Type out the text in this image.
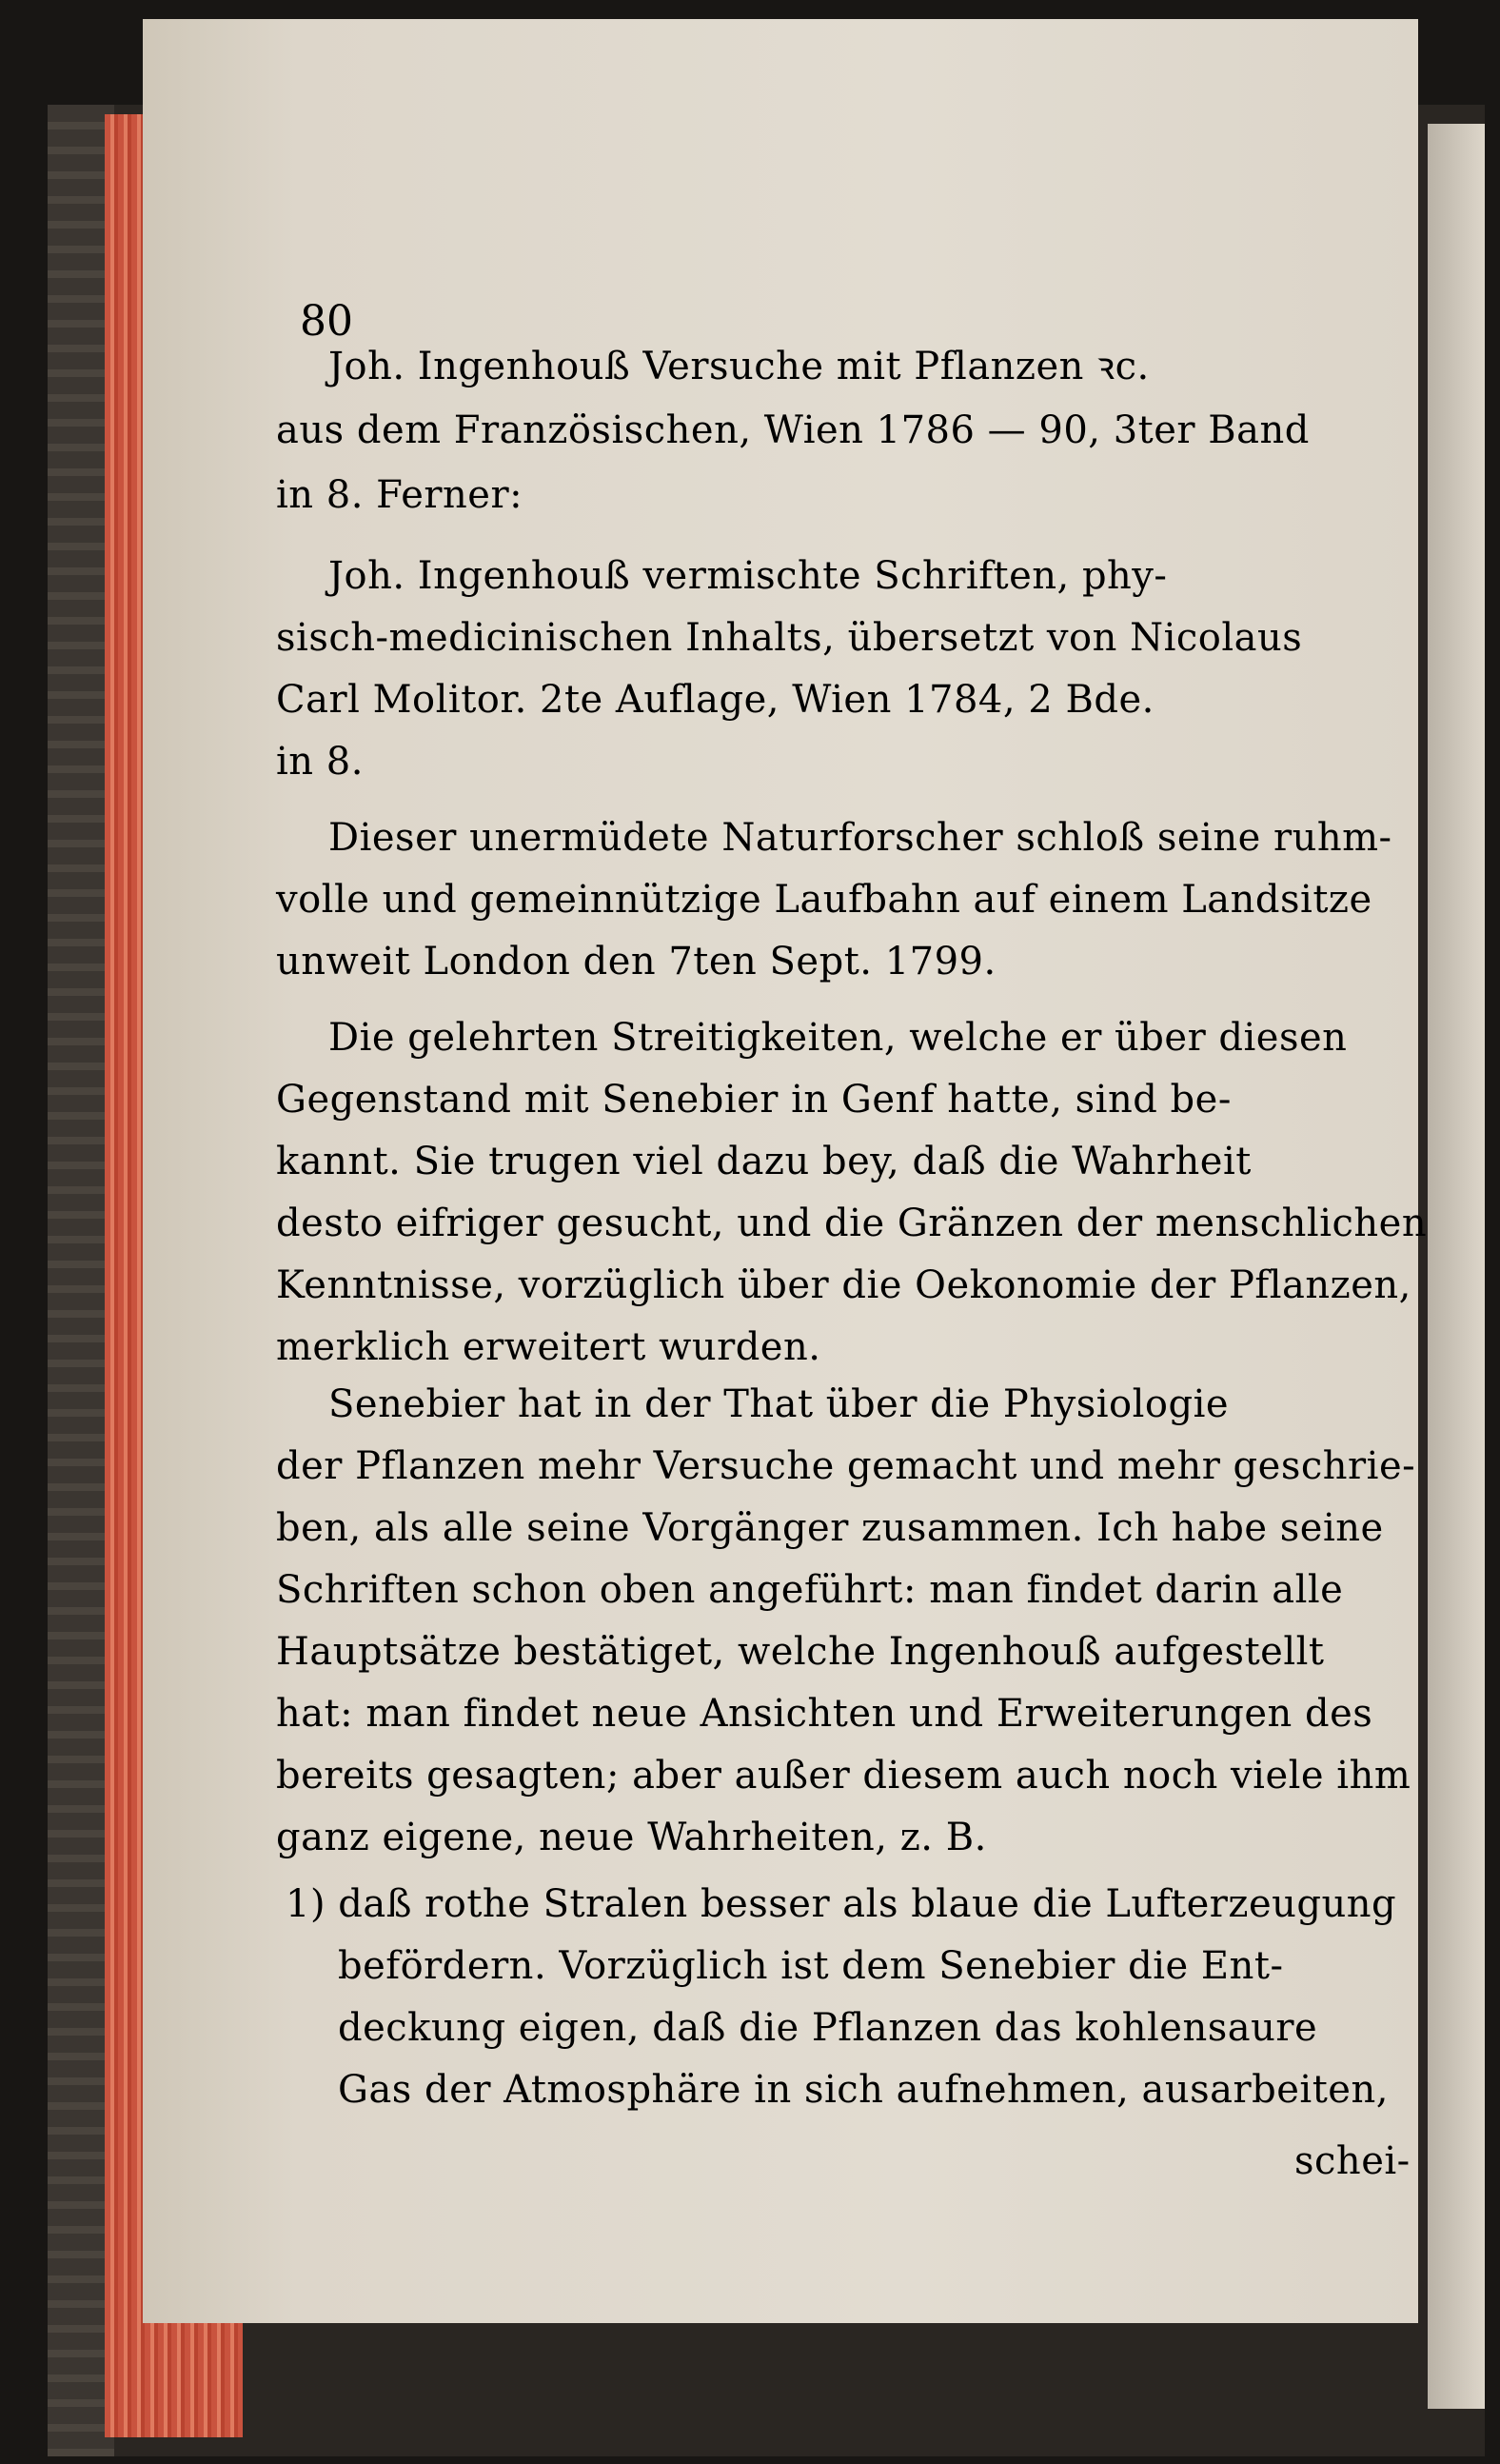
80
Joh. Ingenhouß Versuche mit Pflanzen ꝛc.
aus dem Französischen, Wien 1786 — 90, 3ter Band
in 8. Ferner:
Joh. Ingenhouß vermischte Schriften, phy-
sisch-medicinischen Inhalts, übersetzt von Nicolaus
Carl Molitor. 2te Auflage, Wien 1784, 2 Bde.
in 8.
Dieser unermüdete Naturforscher schloß seine ruhm-
volle und gemeinnützige Laufbahn auf einem Landsitze
unweit London den 7ten Sept. 1799.
Die gelehrten Streitigkeiten, welche er über diesen
Gegenstand mit Senebier in Genf hatte, sind be-
kannt. Sie trugen viel dazu bey, daß die Wahrheit
desto eifriger gesucht, und die Gränzen der menschlichen
Kenntnisse, vorzüglich über die Oekonomie der Pflanzen,
merklich erweitert wurden.
Senebier hat in der That über die Physiologie
der Pflanzen mehr Versuche gemacht und mehr geschrie-
ben, als alle seine Vorgänger zusammen. Ich habe seine
Schriften schon oben angeführt: man findet darin alle
Hauptsätze bestätiget, welche Ingenhouß aufgestellt
hat: man findet neue Ansichten und Erweiterungen des
bereits gesagten; aber außer diesem auch noch viele ihm
ganz eigene, neue Wahrheiten, z. B.
1) daß rothe Stralen besser als blaue die Lufterzeugung
befördern. Vorzüglich ist dem Senebier die Ent-
deckung eigen, daß die Pflanzen das kohlensaure
Gas der Atmosphäre in sich aufnehmen, ausarbeiten,
schei-
